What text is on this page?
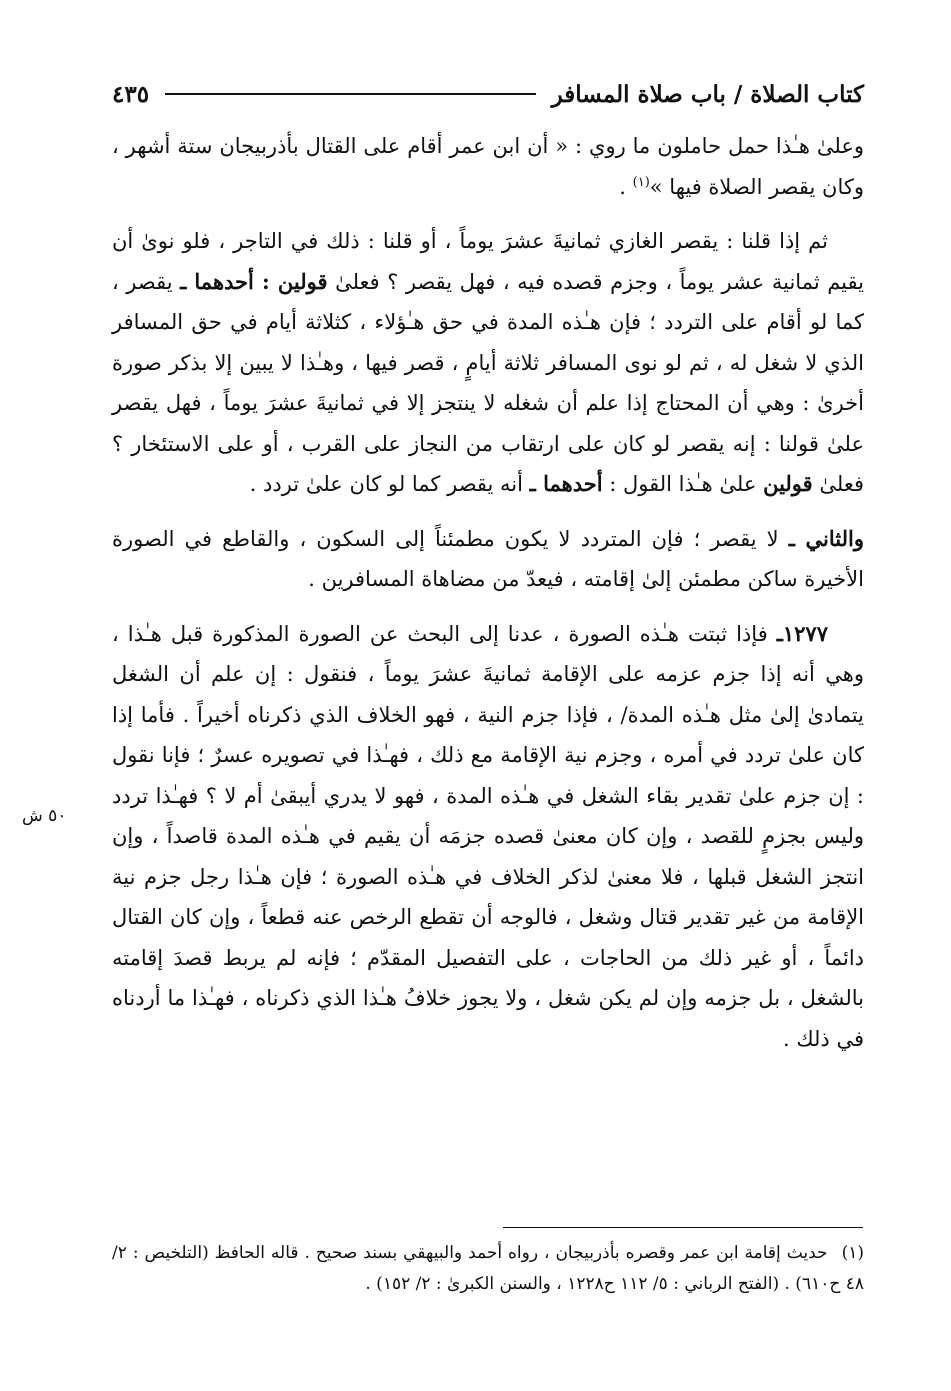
كتاب الصلاة / باب صلاة المسافر
٤٣٥

وعلىٰ هـٰذا حمل حاملون ما روي : « أن ابن عمر أقام على القتال بأذربيجان ستة أشهر ، وكان يقصر الصلاة فيها »$^{(١)}$ .

ثم إذا قلنا : يقصر الغازي ثمانيةَ عشرَ يوماً ، أو قلنا : ذلك في التاجر ، فلو نوىٰ أن يقيم ثمانية عشر يوماً ، وجزم قصده فيه ، فهل يقصر ؟ فعلىٰ قولين : أحدهما ـ يقصر ، كما لو أقام على التردد ؛ فإن هـٰذه المدة في حق هـٰؤلاء ، كثلاثة أيام في حق المسافر الذي لا شغل له ، ثم لو نوى المسافر ثلاثة أيامٍ ، قصر فيها ، وهـٰذا لا يبين إلا بذكر صورة أخرىٰ : وهي أن المحتاج إذا علم أن شغله لا ينتجز إلا في ثمانيةَ عشرَ يوماً ، فهل يقصر علىٰ قولنا : إنه يقصر لو كان على ارتقاب من النجاز على القرب ، أو على الاستئخار ؟ فعلىٰ قولين علىٰ هـٰذا القول : أحدهما ـ أنه يقصر كما لو كان علىٰ تردد .

والثاني ـ لا يقصر ؛ فإن المتردد لا يكون مطمئناً إلى السكون ، والقاطع في الصورة الأخيرة ساكن مطمئن إلىٰ إقامته ، فيعدّ من مضاهاة المسافرين .

١٢٧٧ـ فإذا ثبتت هـٰذه الصورة ، عدنا إلى البحث عن الصورة المذكورة قبل هـٰذا ، وهي أنه إذا جزم عزمه على الإقامة ثمانيةَ عشرَ يوماً ، فنقول : إن علم أن الشغل يتمادىٰ إلىٰ مثل هـٰذه المدة/ ، فإذا جزم النية ، فهو الخلاف الذي ذكرناه أخيراً . فأما إذا كان علىٰ تردد في أمره ، وجزم نية الإقامة مع ذلك ، فهـٰذا في تصويره عسرٌ ؛ فإنا نقول : إن جزم علىٰ تقدير بقاء الشغل في هـٰذه المدة ، فهو لا يدري أيبقىٰ أم لا ؟ فهـٰذا تردد وليس بجزمٍ للقصد ، وإن كان معنىٰ قصده جزمَه أن يقيم في هـٰذه المدة قاصداً ، وإن انتجز الشغل قبلها ، فلا معنىٰ لذكر الخلاف في هـٰذه الصورة ؛ فإن هـٰذا رجل جزم نية الإقامة من غير تقدير قتال وشغل ، فالوجه أن تقطع الرخص عنه قطعاً ، وإن كان القتال دائماً ، أو غير ذلك من الحاجات ، على التفصيل المقدّم ؛ فإنه لم يربط قصدَ إقامته بالشغل ، بل جزمه وإن لم يكن شغل ، ولا يجوز خلافُ هـٰذا الذي ذكرناه ، فهـٰذا ما أردناه في ذلك .

٥٠ ش

(١)حديث إقامة ابن عمر وقصره بأذربيجان ، رواه أحمد والبيهقي بسند صحيح . قاله الحافظ (التلخيص : ٢/ ٤٨ ح٦١٠) . (الفتح الرباني : ٥/ ١١٢ ح١٢٢٨ ، والسنن الكبرىٰ : ٢/ ١٥٢) .
